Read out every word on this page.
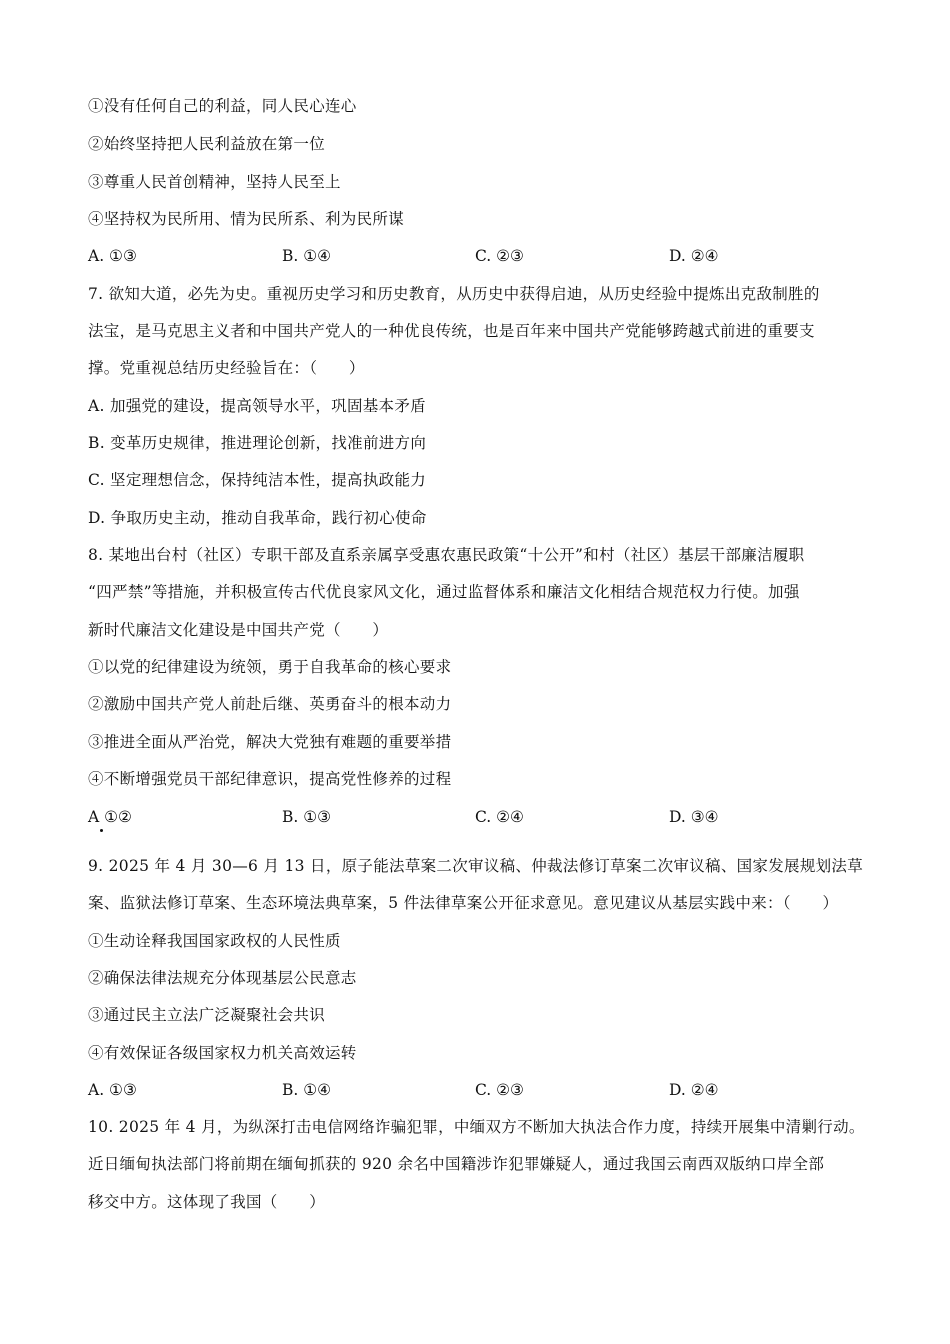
①没有任何自己的利益，同人民心连心
②始终坚持把人民利益放在第一位
③尊重人民首创精神，坚持人民至上
④坚持权为民所用、情为民所系、利为民所谋
A. ①③	B. ①④	C. ②③	D. ②④
7. 欲知大道，必先为史。重视历史学习和历史教育，从历史中获得启迪，从历史经验中提炼出克敌制胜的
法宝，是马克思主义者和中国共产党人的一种优良传统，也是百年来中国共产党能够跨越式前进的重要支
撑。党重视总结历史经验旨在：（　　）
A. 加强党的建设，提高领导水平，巩固基本矛盾
B. 变革历史规律，推进理论创新，找准前进方向
C. 坚定理想信念，保持纯洁本性，提高执政能力
D. 争取历史主动，推动自我革命，践行初心使命
8. 某地出台村（社区）专职干部及直系亲属享受惠农惠民政策“十公开”和村（社区）基层干部廉洁履职
“四严禁”等措施，并积极宣传古代优良家风文化，通过监督体系和廉洁文化相结合规范权力行使。加强
新时代廉洁文化建设是中国共产党（　　）
①以党的纪律建设为统领，勇于自我革命的核心要求
②激励中国共产党人前赴后继、英勇奋斗的根本动力
③推进全面从严治党，解决大党独有难题的重要举措
④不断增强党员干部纪律意识，提高党性修养的过程
A ①②	B. ①③	C. ②④	D. ③④
9. 2025 年 4 月 30—6 月 13 日，原子能法草案二次审议稿、仲裁法修订草案二次审议稿、国家发展规划法草
案、监狱法修订草案、生态环境法典草案，5 件法律草案公开征求意见。意见建议从基层实践中来：（　　）
①生动诠释我国国家政权的人民性质
②确保法律法规充分体现基层公民意志
③通过民主立法广泛凝聚社会共识
④有效保证各级国家权力机关高效运转
A. ①③	B. ①④	C. ②③	D. ②④
10. 2025 年 4 月，为纵深打击电信网络诈骗犯罪，中缅双方不断加大执法合作力度，持续开展集中清剿行动。
近日缅甸执法部门将前期在缅甸抓获的 920 余名中国籍涉诈犯罪嫌疑人，通过我国云南西双版纳口岸全部
移交中方。这体现了我国（　　）
